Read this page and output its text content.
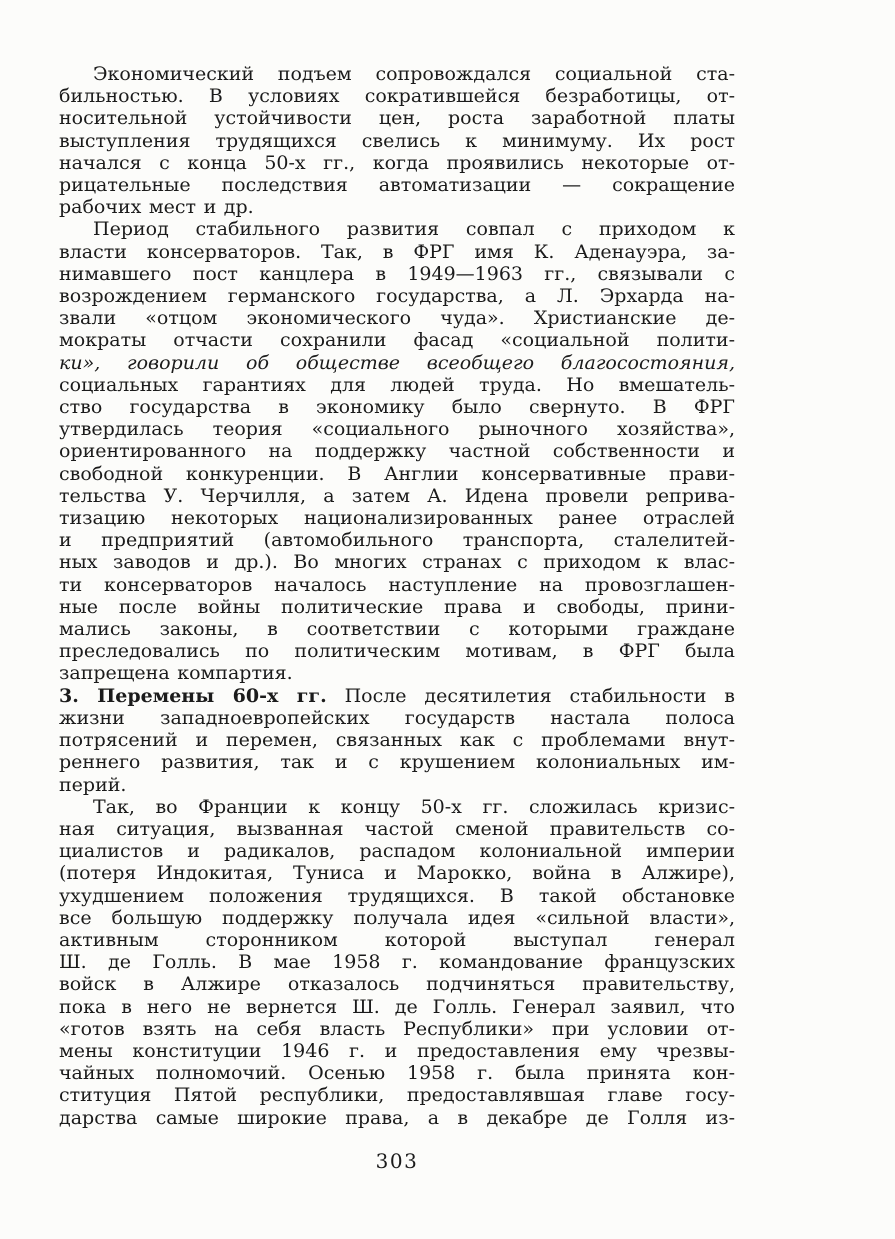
Экономический подъем сопровождался социальной ста-
бильностью. В условиях сократившейся безработицы, от-
носительной устойчивости цен, роста заработной платы
выступления трудящихся свелись к минимуму. Их рост
начался с конца 50-х гг., когда проявились некоторые от-
рицательные последствия автоматизации — сокращение
рабочих мест и др.
Период стабильного развития совпал с приходом к
власти консерваторов. Так, в ФРГ имя К. Аденауэра, за-
нимавшего пост канцлера в 1949—1963 гг., связывали с
возрождением германского государства, а Л. Эрхарда на-
звали «отцом экономического чуда». Христианские де-
мократы отчасти сохранили фасад «социальной полити-
ки», говорили об обществе всеобщего благосостояния,
социальных гарантиях для людей труда. Но вмешатель-
ство государства в экономику было свернуто. В ФРГ
утвердилась теория «социального рыночного хозяйства»,
ориентированного на поддержку частной собственности и
свободной конкуренции. В Англии консервативные прави-
тельства У. Черчилля, а затем А. Идена провели реприва-
тизацию некоторых национализированных ранее отраслей
и предприятий (автомобильного транспорта, сталелитей-
ных заводов и др.). Во многих странах с приходом к влас-
ти консерваторов началось наступление на провозглашен-
ные после войны политические права и свободы, прини-
мались законы, в соответствии с которыми граждане
преследовались по политическим мотивам, в ФРГ была
запрещена компартия.
3. Перемены 60-х гг. После десятилетия стабильности в
жизни западноевропейских государств настала полоса
потрясений и перемен, связанных как с проблемами внут-
реннего развития, так и с крушением колониальных им-
перий.
Так, во Франции к концу 50-х гг. сложилась кризис-
ная ситуация, вызванная частой сменой правительств со-
циалистов и радикалов, распадом колониальной империи
(потеря Индокитая, Туниса и Марокко, война в Алжире),
ухудшением положения трудящихся. В такой обстановке
все большую поддержку получала идея «сильной власти»,
активным сторонником которой выступал генерал
Ш. де Голль. В мае 1958 г. командование французских
войск в Алжире отказалось подчиняться правительству,
пока в него не вернется Ш. де Голль. Генерал заявил, что
«готов взять на себя власть Республики» при условии от-
мены конституции 1946 г. и предоставления ему чрезвы-
чайных полномочий. Осенью 1958 г. была принята кон-
ституция Пятой республики, предоставлявшая главе госу-
дарства самые широкие права, а в декабре де Голля из-
303
